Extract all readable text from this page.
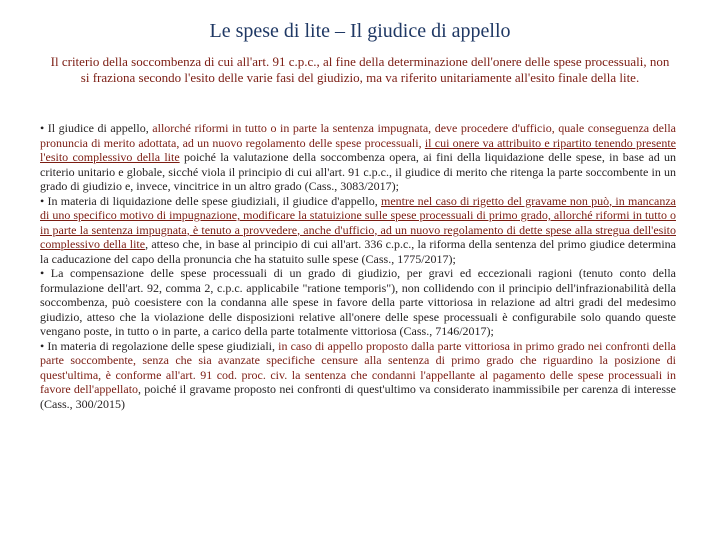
Le spese di lite – Il giudice di appello
Il criterio della soccombenza di cui all'art. 91 c.p.c., al fine della determinazione dell'onere delle spese processuali, non si fraziona secondo l'esito delle varie fasi del giudizio, ma va riferito unitariamente all'esito finale della lite.

• Il giudice di appello, allorché riformi in tutto o in parte la sentenza impugnata, deve procedere d'ufficio, quale conseguenza della pronuncia di merito adottata, ad un nuovo regolamento delle spese processuali, il cui onere va attribuito e ripartito tenendo presente l'esito complessivo della lite poiché la valutazione della soccombenza opera, ai fini della liquidazione delle spese, in base ad un criterio unitario e globale, sicché viola il principio di cui all'art. 91 c.p.c., il giudice di merito che ritenga la parte soccombente in un grado di giudizio e, invece, vincitrice in un altro grado (Cass., 3083/2017);

• In materia di liquidazione delle spese giudiziali, il giudice d'appello, mentre nel caso di rigetto del gravame non può, in mancanza di uno specifico motivo di impugnazione, modificare la statuizione sulle spese processuali di primo grado, allorché riformi in tutto o in parte la sentenza impugnata, è tenuto a provvedere, anche d'ufficio, ad un nuovo regolamento di dette spese alla stregua dell'esito complessivo della lite, atteso che, in base al principio di cui all'art. 336 c.p.c., la riforma della sentenza del primo giudice determina la caducazione del capo della pronuncia che ha statuito sulle spese (Cass., 1775/2017);

• La compensazione delle spese processuali di un grado di giudizio, per gravi ed eccezionali ragioni (tenuto conto della formulazione dell'art. 92, comma 2, c.p.c. applicabile "ratione temporis"), non collidendo con il principio dell'infrazionabilità della soccombenza, può coesistere con la condanna alle spese in favore della parte vittoriosa in relazione ad altri gradi del medesimo giudizio, atteso che la violazione delle disposizioni relative all'onere delle spese processuali è configurabile solo quando queste vengano poste, in tutto o in parte, a carico della parte totalmente vittoriosa (Cass., 7146/2017);

• In materia di regolazione delle spese giudiziali, in caso di appello proposto dalla parte vittoriosa in primo grado nei confronti della parte soccombente, senza che sia avanzate specifiche censure alla sentenza di primo grado che riguardino la posizione di quest'ultima, è conforme all'art. 91 cod. proc. civ. la sentenza che condanni l'appellante al pagamento delle spese processuali in favore dell'appellato, poiché il gravame proposto nei confronti di quest'ultimo va considerato inammissibile per carenza di interesse (Cass., 300/2015)
